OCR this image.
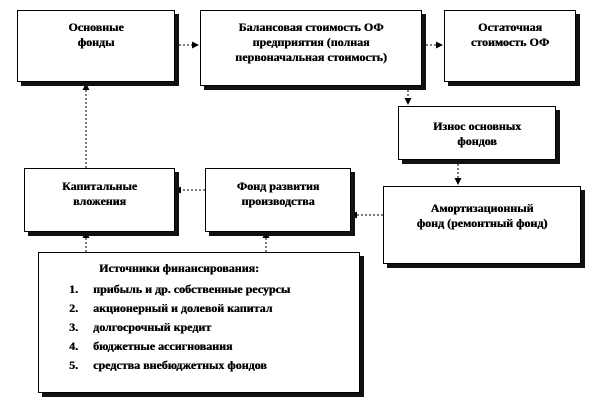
Основные
фонды
Балансовая стоимость ОФ
предприятия (полная
первоначальная стоимость)
Остаточная
стоимость ОФ
Износ основных
фондов
Амортизационный
фонд (ремонтный фонд)
Фонд развития
производства
Капитальные
вложения
Источники финансирования:
1. прибыль и др. собственные ресурсы
2. акционерный и долевой капитал
3. долгосрочный кредит
4. бюджетные ассигнования
5. средства внебюджетных фондов
